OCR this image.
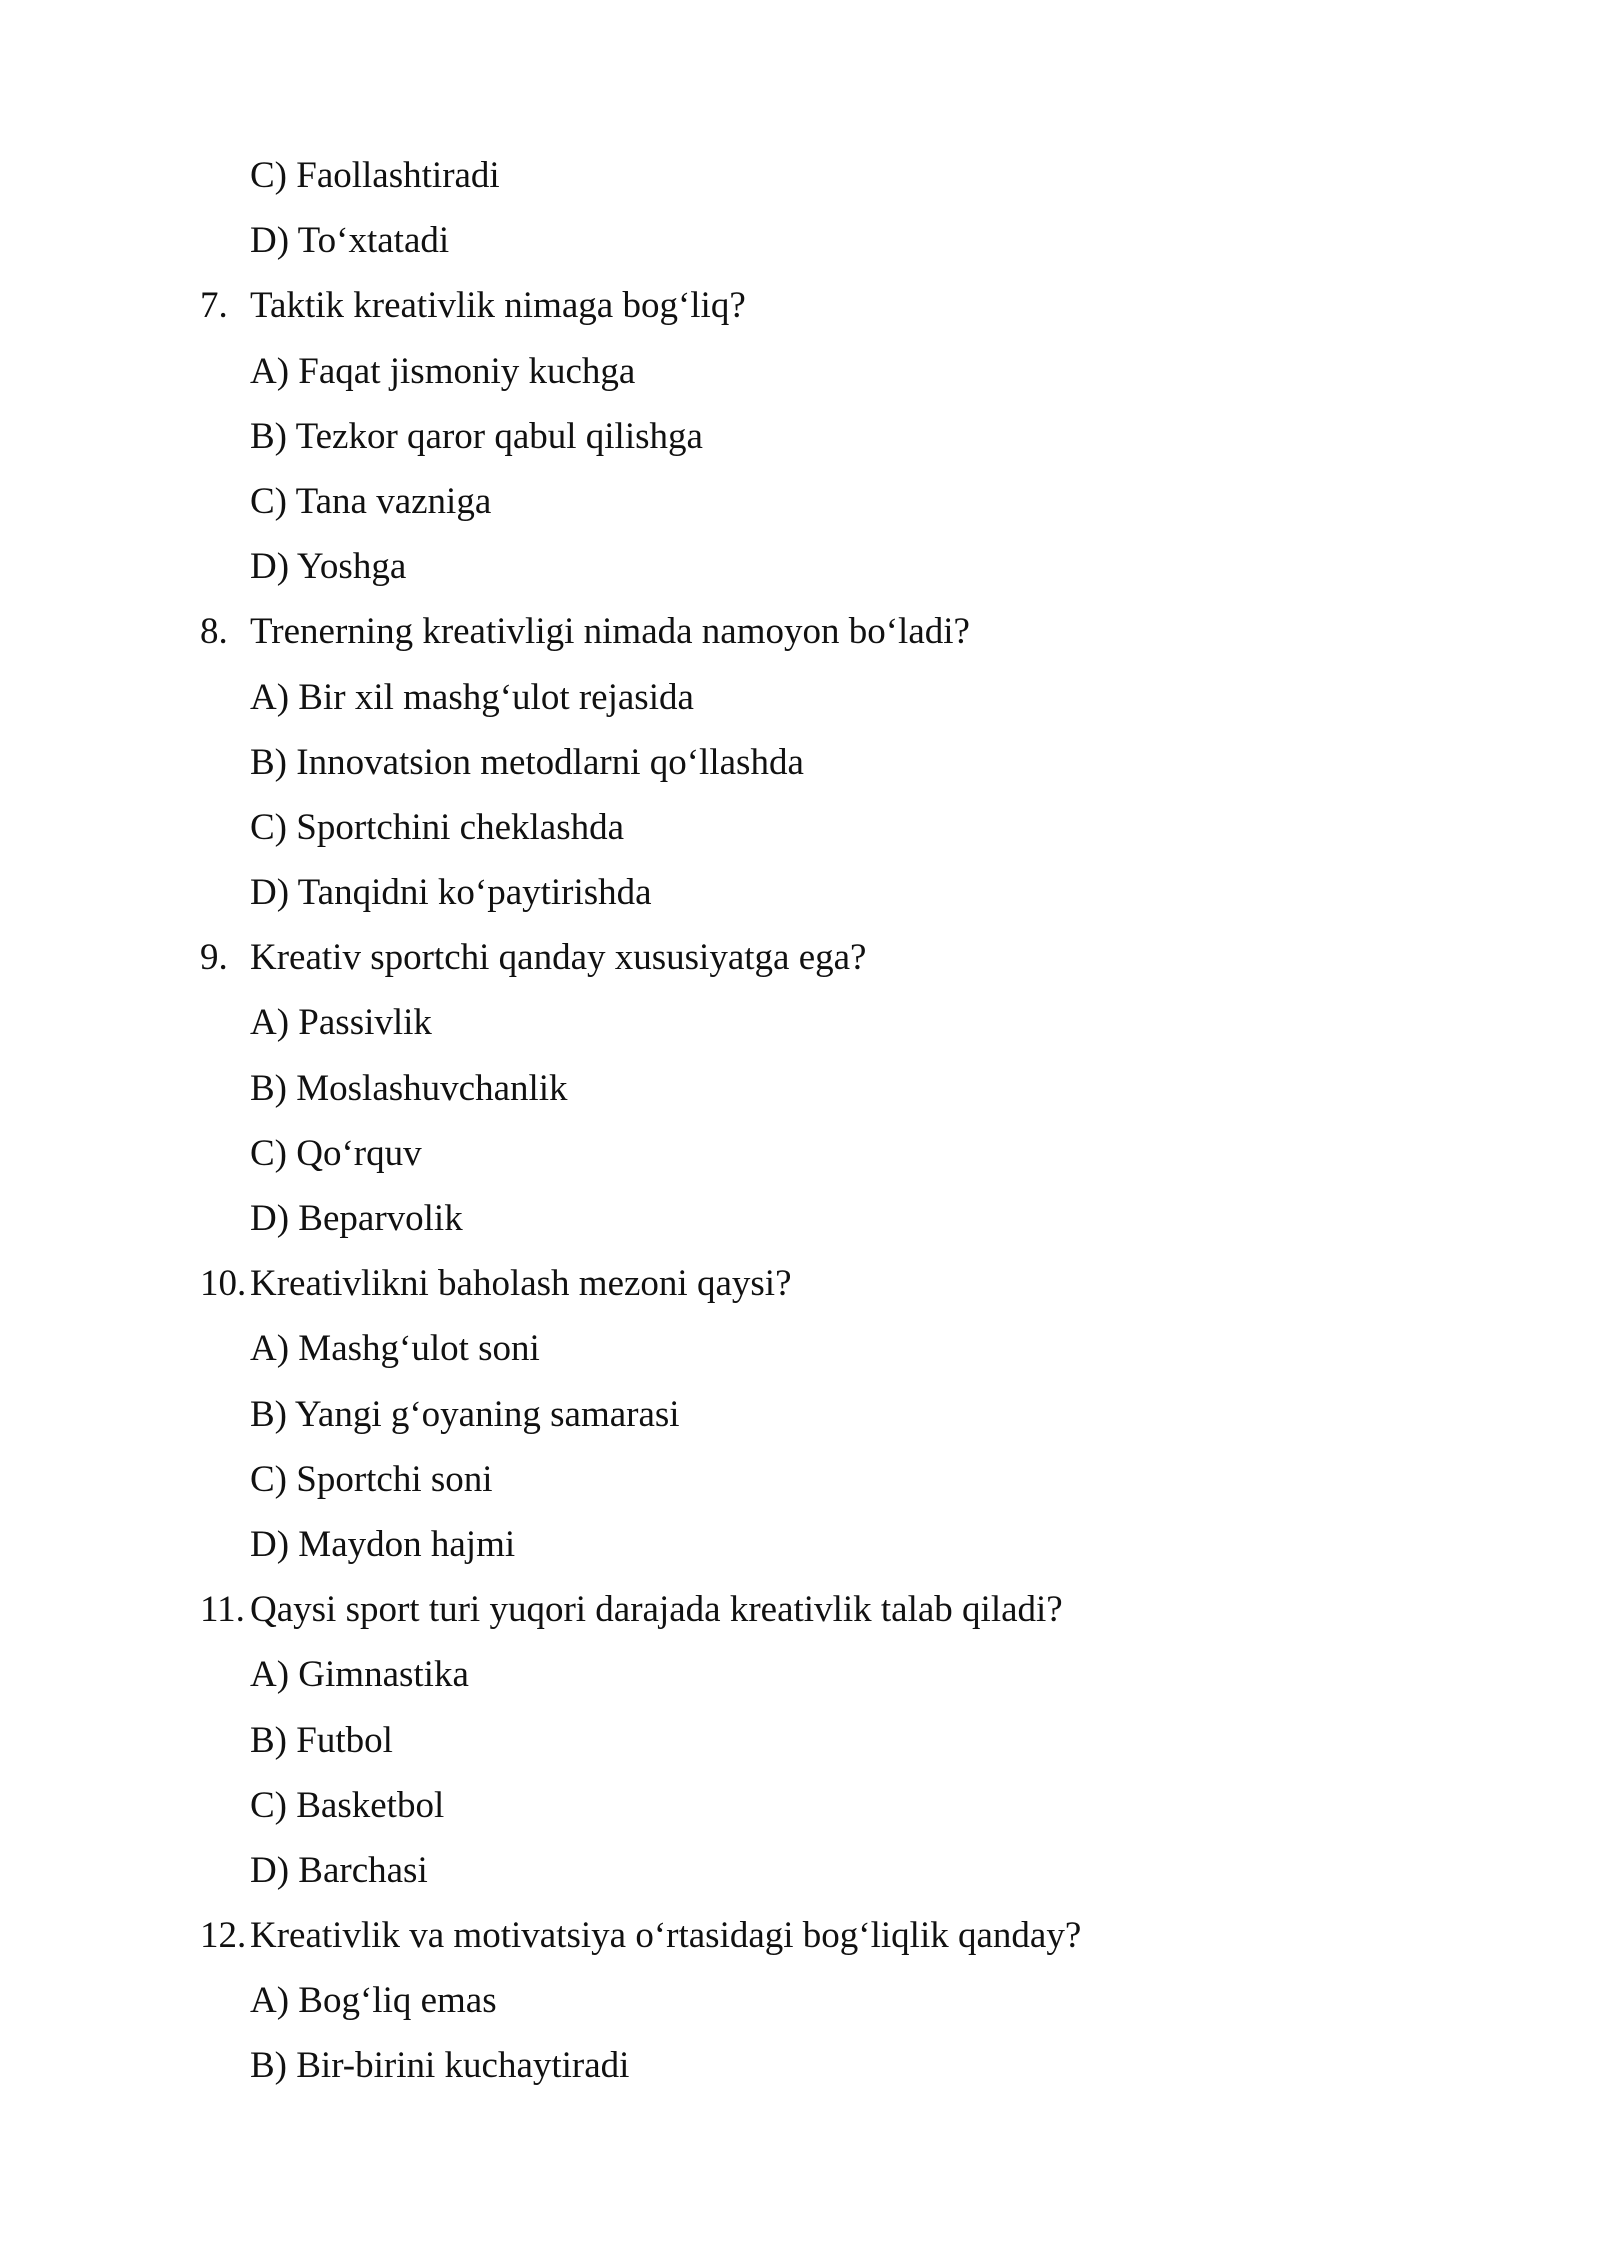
C) Faollashtiradi
D) To‘xtatadi
7. Taktik kreativlik nimaga bog‘liq?
A) Faqat jismoniy kuchga
B) Tezkor qaror qabul qilishga
C) Tana vazniga
D) Yoshga
8. Trenerning kreativligi nimada namoyon bo‘ladi?
A) Bir xil mashg‘ulot rejasida
B) Innovatsion metodlarni qo‘llashda
C) Sportchini cheklashda
D) Tanqidni ko‘paytirishda
9. Kreativ sportchi qanday xususiyatga ega?
A) Passivlik
B) Moslashuvchanlik
C) Qo‘rquv
D) Beparvolik
10. Kreativlikni baholash mezoni qaysi?
A) Mashg‘ulot soni
B) Yangi g‘oyaning samarasi
C) Sportchi soni
D) Maydon hajmi
11. Qaysi sport turi yuqori darajada kreativlik talab qiladi?
A) Gimnastika
B) Futbol
C) Basketbol
D) Barchasi
12. Kreativlik va motivatsiya o‘rtasidagi bog‘liqlik qanday?
A) Bog‘liq emas
B) Bir-birini kuchaytiradi
